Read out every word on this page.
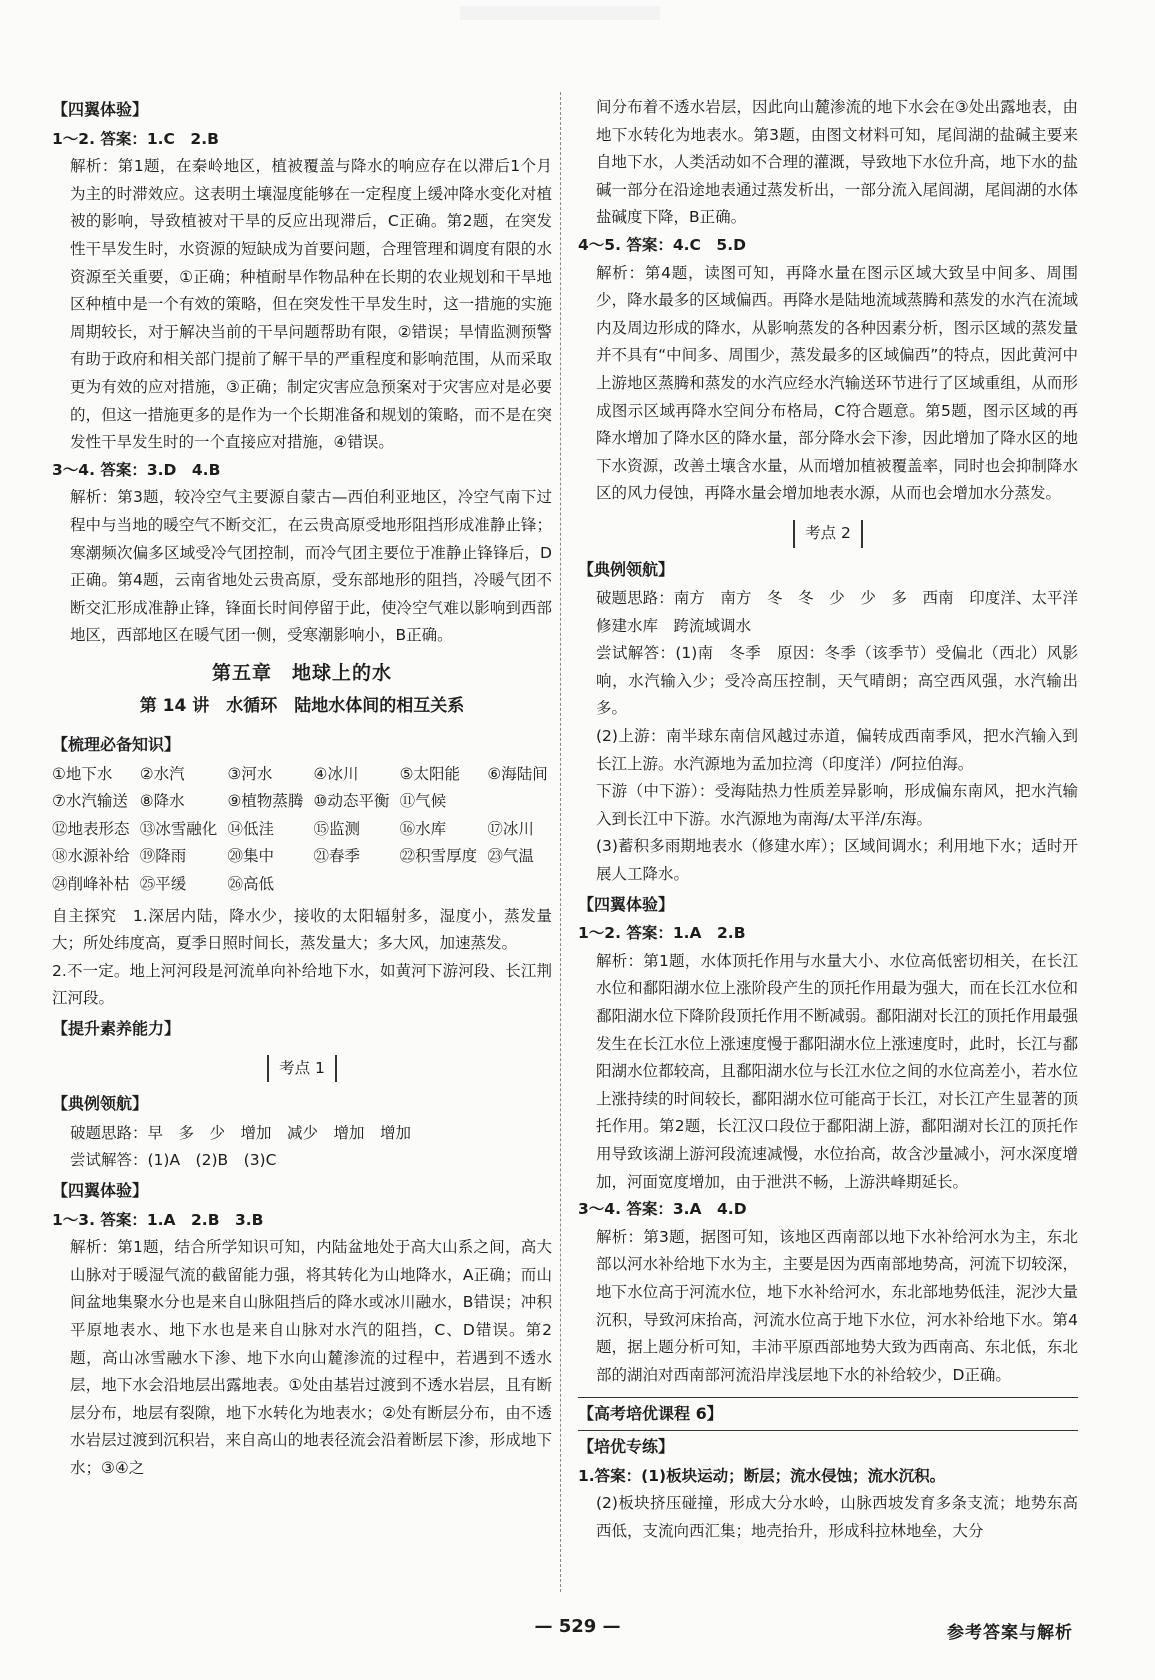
【四翼体验】

1～2. 答案：1.C　2.B

解析：第1题，在秦岭地区，植被覆盖与降水的响应存在以滞后1个月为主的时滞效应。这表明土壤湿度能够在一定程度上缓冲降水变化对植被的影响，导致植被对干旱的反应出现滞后，C正确。第2题，在突发性干旱发生时，水资源的短缺成为首要问题，合理管理和调度有限的水资源至关重要，①正确；种植耐旱作物品种在长期的农业规划和干旱地区种植中是一个有效的策略，但在突发性干旱发生时，这一措施的实施周期较长，对于解决当前的干旱问题帮助有限，②错误；旱情监测预警有助于政府和相关部门提前了解干旱的严重程度和影响范围，从而采取更为有效的应对措施，③正确；制定灾害应急预案对于灾害应对是必要的，但这一措施更多的是作为一个长期准备和规划的策略，而不是在突发性干旱发生时的一个直接应对措施，④错误。

3～4. 答案：3.D　4.B

解析：第3题，较冷空气主要源自蒙古—西伯利亚地区，冷空气南下过程中与当地的暖空气不断交汇，在云贵高原受地形阻挡形成准静止锋；寒潮频次偏多区域受冷气团控制，而冷气团主要位于准静止锋锋后，D正确。第4题，云南省地处云贵高原，受东部地形的阻挡，冷暖气团不断交汇形成准静止锋，锋面长时间停留于此，使冷空气难以影响到西部地区，西部地区在暖气团一侧，受寒潮影响小，B正确。

第五章　地球上的水
第 14 讲　水循环　陆地水体间的相互关系
【梳理必备知识】
①地下水	②水汽	③河水	④冰川	⑤太阳能	⑥海陆间
⑦水汽输送 ⑧降水	⑨植物蒸腾 ⑩动态平衡 ⑪气候
⑫地表形态 ⑬冰雪融化 ⑭低洼	⑮监测	⑯水库	⑰冰川
⑱水源补给 ⑲降雨	⑳集中	㉑春季	㉒积雪厚度 ㉓气温
㉔削峰补枯 ㉕平缓	㉖高低

自主探究　1.深居内陆，降水少，接收的太阳辐射多，湿度小，蒸发量大；所处纬度高，夏季日照时间长，蒸发量大；多大风，加速蒸发。

2.不一定。地上河河段是河流单向补给地下水，如黄河下游河段、长江荆江河段。

【提升素养能力】
考点 1
【典例领航】

破题思路：早　多　少　增加　减少　增加　增加

尝试解答：(1)A　(2)B　(3)C

【四翼体验】

1～3. 答案：1.A　2.B　3.B

解析：第1题，结合所学知识可知，内陆盆地处于高大山系之间，高大山脉对于暖湿气流的截留能力强，将其转化为山地降水，A正确；而山间盆地集聚水分也是来自山脉阻挡后的降水或冰川融水，B错误；冲积平原地表水、地下水也是来自山脉对水汽的阻挡，C、D错误。第2题，高山冰雪融水下渗、地下水向山麓渗流的过程中，若遇到不透水层，地下水会沿地层出露地表。①处由基岩过渡到不透水岩层，且有断层分布，地层有裂隙，地下水转化为地表水；②处有断层分布，由不透水岩层过渡到沉积岩，来自高山的地表径流会沿着断层下渗，形成地下水；③④之

间分布着不透水岩层，因此向山麓渗流的地下水会在③处出露地表，由地下水转化为地表水。第3题，由图文材料可知，尾闾湖的盐碱主要来自地下水，人类活动如不合理的灌溉，导致地下水位升高，地下水的盐碱一部分在沿途地表通过蒸发析出，一部分流入尾闾湖，尾闾湖的水体盐碱度下降，B正确。

4～5. 答案：4.C　5.D

解析：第4题，读图可知，再降水量在图示区域大致呈中间多、周围少，降水最多的区域偏西。再降水是陆地流域蒸腾和蒸发的水汽在流域内及周边形成的降水，从影响蒸发的各种因素分析，图示区域的蒸发量并不具有“中间多、周围少，蒸发最多的区域偏西”的特点，因此黄河中上游地区蒸腾和蒸发的水汽应经水汽输送环节进行了区域重组，从而形成图示区域再降水空间分布格局，C符合题意。第5题，图示区域的再降水增加了降水区的降水量，部分降水会下渗，因此增加了降水区的地下水资源，改善土壤含水量，从而增加植被覆盖率，同时也会抑制降水区的风力侵蚀，再降水量会增加地表水源，从而也会增加水分蒸发。

考点 2
【典例领航】

破题思路：南方　南方　冬　冬　少　少　多　西南　印度洋、太平洋　修建水库　跨流域调水

尝试解答：(1)南　冬季　原因：冬季（该季节）受偏北（西北）风影响，水汽输入少；受冷高压控制，天气晴朗；高空西风强，水汽输出多。

(2)上游：南半球东南信风越过赤道，偏转成西南季风，把水汽输入到长江上游。水汽源地为孟加拉湾（印度洋）/阿拉伯海。

下游（中下游）：受海陆热力性质差异影响，形成偏东南风，把水汽输入到长江中下游。水汽源地为南海/太平洋/东海。

(3)蓄积多雨期地表水（修建水库）；区域间调水；利用地下水；适时开展人工降水。

【四翼体验】

1～2. 答案：1.A　2.B

解析：第1题，水体顶托作用与水量大小、水位高低密切相关，在长江水位和鄱阳湖水位上涨阶段产生的顶托作用最为强大，而在长江水位和鄱阳湖水位下降阶段顶托作用不断减弱。鄱阳湖对长江的顶托作用最强发生在长江水位上涨速度慢于鄱阳湖水位上涨速度时，此时，长江与鄱阳湖水位都较高，且鄱阳湖水位与长江水位之间的水位高差小，若水位上涨持续的时间较长，鄱阳湖水位可能高于长江，对长江产生显著的顶托作用。第2题，长江汉口段位于鄱阳湖上游，鄱阳湖对长江的顶托作用导致该湖上游河段流速减慢，水位抬高，故含沙量减小，河水深度增加，河面宽度增加，由于泄洪不畅，上游洪峰期延长。

3～4. 答案：3.A　4.D

解析：第3题，据图可知，该地区西南部以地下水补给河水为主，东北部以河水补给地下水为主，主要是因为西南部地势高，河流下切较深，地下水位高于河流水位，地下水补给河水，东北部地势低洼，泥沙大量沉积，导致河床抬高，河流水位高于地下水位，河水补给地下水。第4题，据上题分析可知，丰沛平原西部地势大致为西南高、东北低，东北部的湖泊对西南部河流沿岸浅层地下水的补给较少，D正确。

【高考培优课程 6】
【培优专练】

1.答案：(1)板块运动；断层；流水侵蚀；流水沉积。

(2)板块挤压碰撞，形成大分水岭，山脉西坡发育多条支流；地势东高西低，支流向西汇集；地壳抬升，形成科拉林地垒，大分

— 529 —	参考答案与解析
